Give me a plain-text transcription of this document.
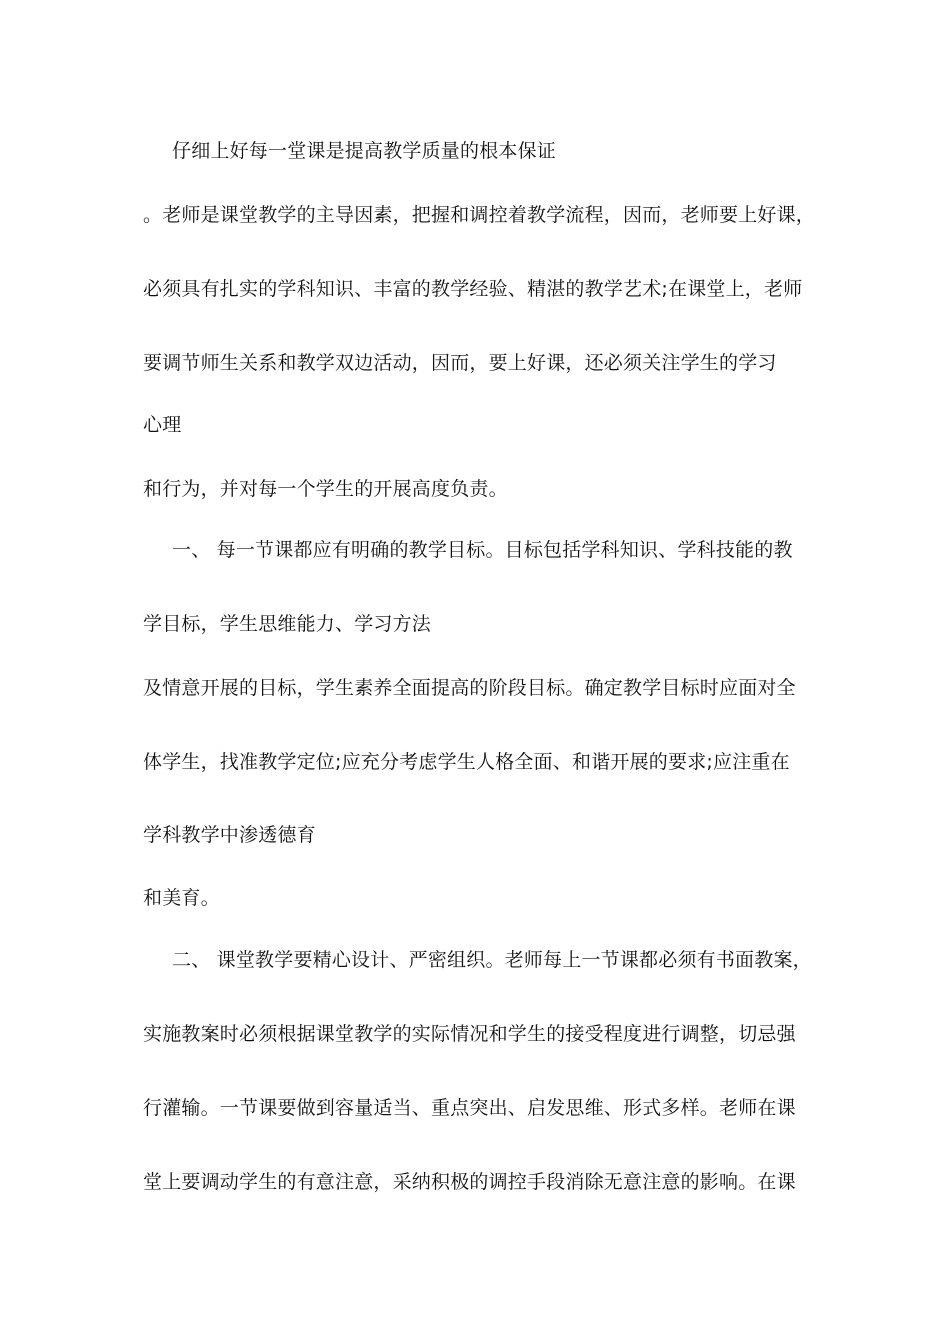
仔细上好每一堂课是提高教学质量的根本保证
。老师是课堂教学的主导因素，把握和调控着教学流程，因而，老师要上好课，
必须具有扎实的学科知识、丰富的教学经验、精湛的教学艺术;在课堂上，老师
要调节师生关系和教学双边活动，因而，要上好课，还必须关注学生的学习
心理
和行为，并对每一个学生的开展高度负责。
一、 每一节课都应有明确的教学目标。目标包括学科知识、学科技能的教
学目标，学生思维能力、学习方法
及情意开展的目标，学生素养全面提高的阶段目标。确定教学目标时应面对全
体学生，找准教学定位;应充分考虑学生人格全面、和谐开展的要求;应注重在
学科教学中渗透德育
和美育。
二、 课堂教学要精心设计、严密组织。老师每上一节课都必须有书面教案，
实施教案时必须根据课堂教学的实际情况和学生的接受程度进行调整，切忌强
行灌输。一节课要做到容量适当、重点突出、启发思维、形式多样。老师在课
堂上要调动学生的有意注意，采纳积极的调控手段消除无意注意的影响。在课
